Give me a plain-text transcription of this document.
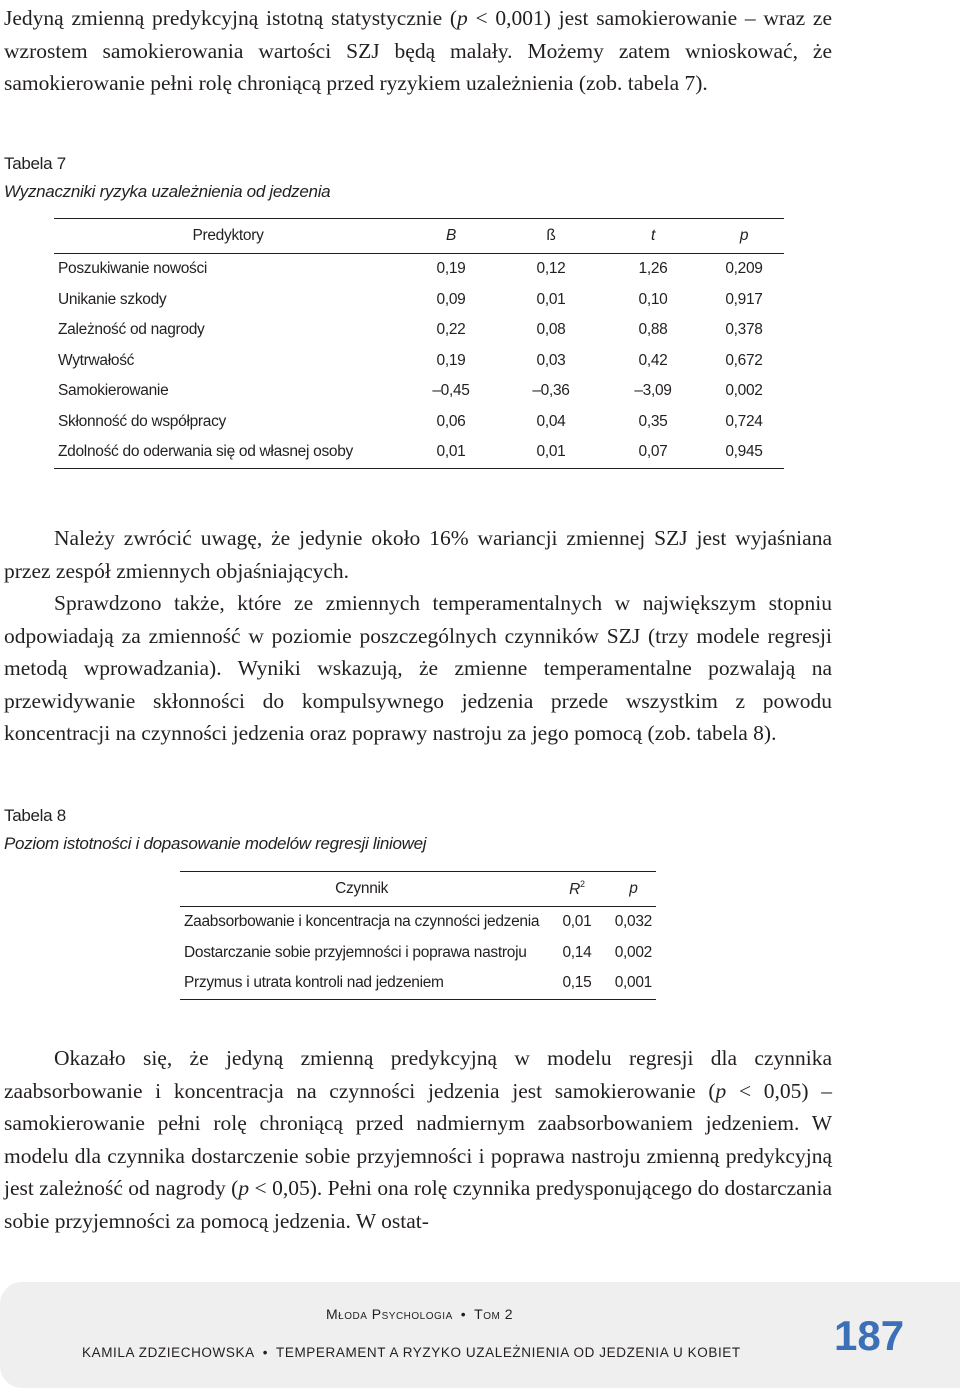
Jedyną zmienną predykcyjną istotną statystycznie (p < 0,001) jest samokierowanie – wraz ze wzrostem samokierowania wartości SZJ będą malały. Możemy zatem wnioskować, że samokierowanie pełni rolę chroniącą przed ryzykiem uzależnienia (zob. tabela 7).

Tabela 7

Wyznaczniki ryzyka uzależnienia od jedzenia

Predyktory	B	ß	t	p
Poszukiwanie nowości	0,19	0,12	1,26	0,209
Unikanie szkody	0,09	0,01	0,10	0,917
Zależność od nagrody	0,22	0,08	0,88	0,378
Wytrwałość	0,19	0,03	0,42	0,672
Samokierowanie	–0,45	–0,36	–3,09	0,002
Skłonność do współpracy	0,06	0,04	0,35	0,724
Zdolność do oderwania się od własnej osoby	0,01	0,01	0,07	0,945

Należy zwrócić uwagę, że jedynie około 16% wariancji zmiennej SZJ jest wyjaśniana przez zespół zmiennych objaśniających.

Sprawdzono także, które ze zmiennych temperamentalnych w największym stopniu odpowiadają za zmienność w poziomie poszczególnych czynników SZJ (trzy modele regresji metodą wprowadzania). Wyniki wskazują, że zmienne temperamentalne pozwalają na przewidywanie skłonności do kompulsywnego jedzenia przede wszystkim z powodu koncentracji na czynności jedzenia oraz poprawy nastroju za jego pomocą (zob. tabela 8).

Tabela 8

Poziom istotności i dopasowanie modelów regresji liniowej

Czynnik	$R^2$	p
Zaabsorbowanie i koncentracja na czynności jedzenia	0,01	0,032
Dostarczanie sobie przyjemności i poprawa nastroju	0,14	0,002
Przymus i utrata kontroli nad jedzeniem	0,15	0,001

Okazało się, że jedyną zmienną predykcyjną w modelu regresji dla czynnika zaabsorbowanie i koncentracja na czynności jedzenia jest samokierowanie (p < 0,05) – samokierowanie pełni rolę chroniącą przed nadmiernym zaabsorbowaniem jedzeniem. W modelu dla czynnika dostarczenie sobie przyjemności i poprawa nastroju zmienną predykcyjną jest zależność od nagrody (p < 0,05). Pełni ona rolę czynnika predysponującego do dostarczania sobie przyjemności za pomocą jedzenia. W ostat-

Młoda Psychologia • Tom 2
KAMILA ZDZIECHOWSKA • TEMPERAMENT A RYZYKO UZALEŻNIENIA OD JEDZENIA U KOBIET 187
